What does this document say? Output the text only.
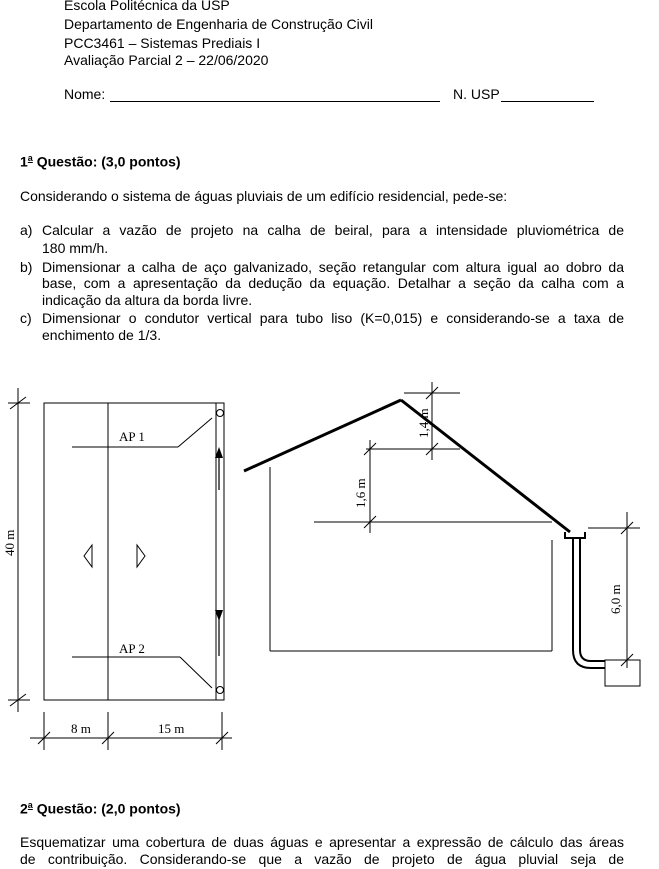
Escola Politécnica da USP
Departamento de Engenharia de Construção Civil
PCC3461 – Sistemas Prediais I
Avaliação Parcial 2 – 22/06/2020
Nome:	N. USP
1$^a$ Questão: (3,0 pontos)
Considerando o sistema de águas pluviais de um edifício residencial, pede-se:
a) Calcular a vazão de projeto na calha de beiral, para a intensidade pluviométrica de
180 mm/h.
b) Dimensionar a calha de aço galvanizado, seção retangular com altura igual ao dobro da
base, com a apresentação da dedução da equação. Detalhar a seção da calha com a
indicação da altura da borda livre.
c) Dimensionar o condutor vertical para tubo liso (K=0,015) e considerando-se a taxa de
enchimento de 1/3.
AP 1
AP 2
8 m	15 m
40 m
1,4 m
1,6 m
6,0 m
2$^a$ Questão: (2,0 pontos)
Esquematizar uma cobertura de duas águas e apresentar a expressão de cálculo das áreas
de contribuição. Considerando-se que a vazão de projeto de água pluvial seja de
